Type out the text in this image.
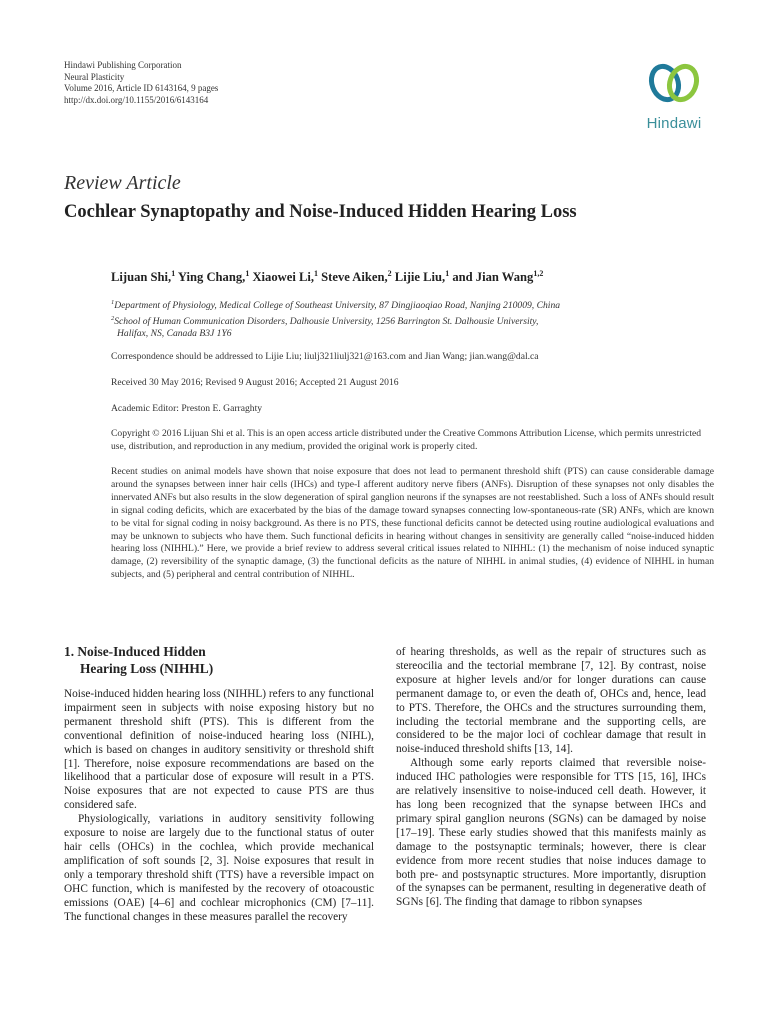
Hindawi Publishing Corporation
Neural Plasticity
Volume 2016, Article ID 6143164, 9 pages
http://dx.doi.org/10.1155/2016/6143164
Hindawi
Review Article
Cochlear Synaptopathy and Noise-Induced Hidden Hearing Loss
Lijuan Shi,$^1$ Ying Chang,$^1$ Xiaowei Li,$^1$ Steve Aiken,$^2$ Lijie Liu,$^1$ and Jian Wang$^{1,2}$
$^1$Department of Physiology, Medical College of Southeast University, 87 Dingjiaoqiao Road, Nanjing 210009, China
$^2$School of Human Communication Disorders, Dalhousie University, 1256 Barrington St. Dalhousie University,
Halifax, NS, Canada B3J 1Y6
Correspondence should be addressed to Lijie Liu; liulj321liulj321@163.com and Jian Wang; jian.wang@dal.ca
Received 30 May 2016; Revised 9 August 2016; Accepted 21 August 2016
Academic Editor: Preston E. Garraghty
Copyright © 2016 Lijuan Shi et al. This is an open access article distributed under the Creative Commons Attribution License, which permits unrestricted use, distribution, and reproduction in any medium, provided the original work is properly cited.
Recent studies on animal models have shown that noise exposure that does not lead to permanent threshold shift (PTS) can cause considerable damage around the synapses between inner hair cells (IHCs) and type-I afferent auditory nerve fibers (ANFs). Disruption of these synapses not only disables the innervated ANFs but also results in the slow degeneration of spiral ganglion neurons if the synapses are not reestablished. Such a loss of ANFs should result in signal coding deficits, which are exacerbated by the bias of the damage toward synapses connecting low-spontaneous-rate (SR) ANFs, which are known to be vital for signal coding in noisy background. As there is no PTS, these functional deficits cannot be detected using routine audiological evaluations and may be unknown to subjects who have them. Such functional deficits in hearing without changes in sensitivity are generally called “noise-induced hidden hearing loss (NIHHL).” Here, we provide a brief review to address several critical issues related to NIHHL: (1) the mechanism of noise induced synaptic damage, (2) reversibility of the synaptic damage, (3) the functional deficits as the nature of NIHHL in animal studies, (4) evidence of NIHHL in human subjects, and (5) peripheral and central contribution of NIHHL.
1. Noise-Induced Hidden
Hearing Loss (NIHHL)

Noise-induced hidden hearing loss (NIHHL) refers to any functional impairment seen in subjects with noise exposing history but no permanent threshold shift (PTS). This is different from the conventional definition of noise-induced hearing loss (NIHL), which is based on changes in auditory sensitivity or threshold shift [1]. Therefore, noise exposure recommendations are based on the likelihood that a particular dose of exposure will result in a PTS. Noise exposures that are not expected to cause PTS are thus considered safe.

Physiologically, variations in auditory sensitivity following exposure to noise are largely due to the functional status of outer hair cells (OHCs) in the cochlea, which provide mechanical amplification of soft sounds [2, 3]. Noise exposures that result in only a temporary threshold shift (TTS) have a reversible impact on OHC function, which is manifested by the recovery of otoacoustic emissions (OAE) [4–6] and cochlear microphonics (CM) [7–11]. The functional changes in these measures parallel the recovery

of hearing thresholds, as well as the repair of structures such as stereocilia and the tectorial membrane [7, 12]. By contrast, noise exposure at higher levels and/or for longer durations can cause permanent damage to, or even the death of, OHCs and, hence, lead to PTS. Therefore, the OHCs and the structures surrounding them, including the tectorial membrane and the supporting cells, are considered to be the major loci of cochlear damage that result in noise-induced threshold shifts [13, 14].

Although some early reports claimed that reversible noise-induced IHC pathologies were responsible for TTS [15, 16], IHCs are relatively insensitive to noise-induced cell death. However, it has long been recognized that the synapse between IHCs and primary spiral ganglion neurons (SGNs) can be damaged by noise [17–19]. These early studies showed that this manifests mainly as damage to the postsynaptic terminals; however, there is clear evidence from more recent studies that noise induces damage to both pre- and postsynaptic structures. More importantly, disruption of the synapses can be permanent, resulting in degenerative death of SGNs [6]. The finding that damage to ribbon synapses
